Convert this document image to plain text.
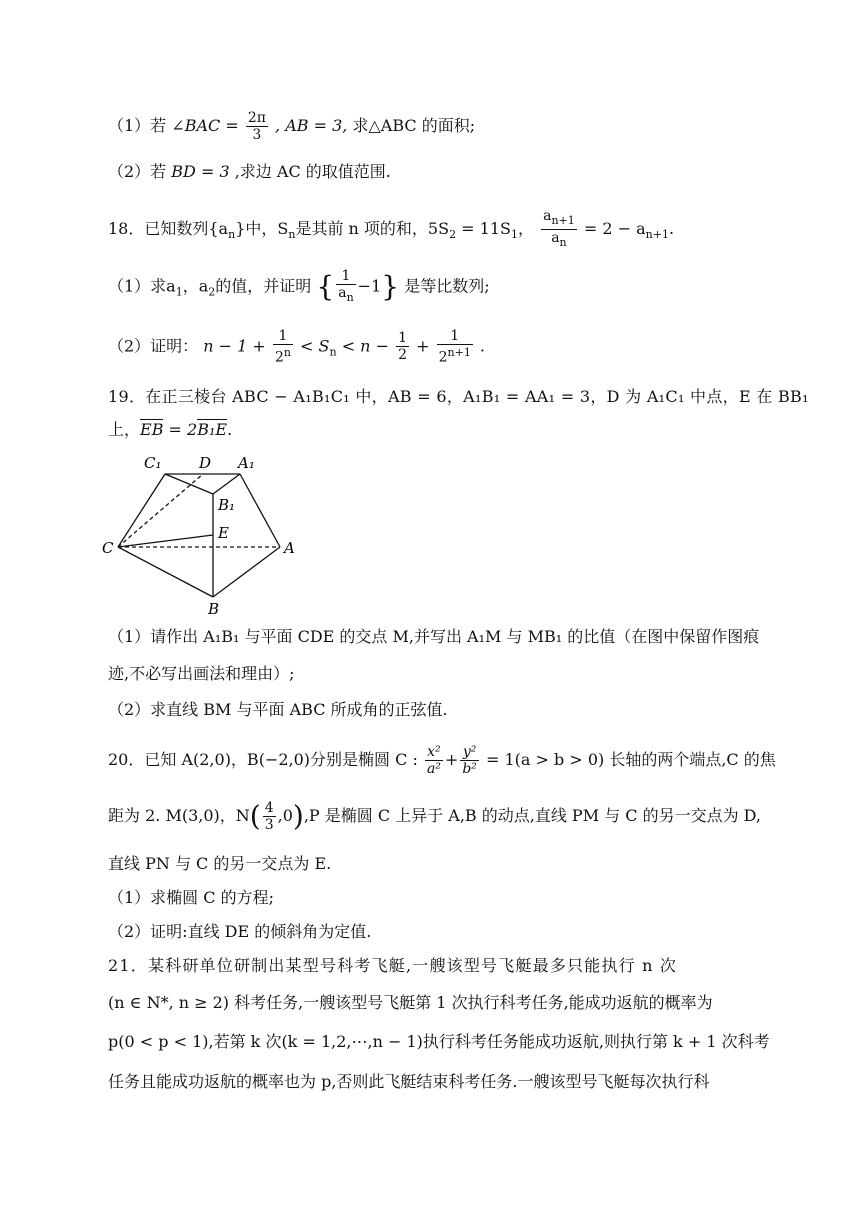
（1）若 ∠BAC = $\frac{2\pi}{3}$ , AB = 3, 求△ABC 的面积;
（2）若 BD = 3 ,求边 AC 的取值范围.
18．已知数列$\{a_n\}$中，$S_n$是其前 n 项的和，$5S_2 = 11S_1$， $\frac{a_{n+1}}{a_n} = 2 - a_{n+1}$.
（1）求$a_1$，$a_2$的值，并证明 { $\frac{1}{a_n} -1$} 是等比数列;
（2）证明： $n - 1 + \frac{1}{2^n} < S_n < n - \frac{1}{2} + \frac{1}{2^{n+1}}$ .
19．在正三棱台 ABC − A₁B₁C₁ 中，AB = 6，A₁B₁ = AA₁ = 3，D 为 A₁C₁ 中点，E 在 BB₁
上，EB = 2B₁E.
C₁	D A₁
B₁
E
C	A
B
（1）请作出 A₁B₁ 与平面 CDE 的交点 M,并写出 A₁M 与 MB₁ 的比值（在图中保留作图痕
迹,不必写出画法和理由）;
（2）求直线 BM 与平面 ABC 所成角的正弦值.
20．已知 A(2,0)，B(−2,0)分别是椭圆 C : $\frac{\text{x²}}{\text{a²}} + \frac{\text{y²}}{\text{b²}} = 1(a > b > 0)$ 长轴的两个端点,C 的焦
距为 2. M(3,0)，$N( \frac{4}{3} ,0),P$ 是椭圆 C 上异于 A,B 的动点,直线 PM 与 C 的另一交点为 D,
直线 PN 与 C 的另一交点为 E.
（1）求椭圆 C 的方程;
（2）证明:直线 DE 的倾斜角为定值.
21．某科研单位研制出某型号科考飞艇,一艘该型号飞艇最多只能执行 n 次
(n ∈ N*, n ≥ 2) 科考任务,一艘该型号飞艇第 1 次执行科考任务,能成功返航的概率为
p(0 < p < 1),若第 k 次(k = 1,2,⋯,n − 1)执行科考任务能成功返航,则执行第 k + 1 次科考
任务且能成功返航的概率也为 p,否则此飞艇结束科考任务.一艘该型号飞艇每次执行科
